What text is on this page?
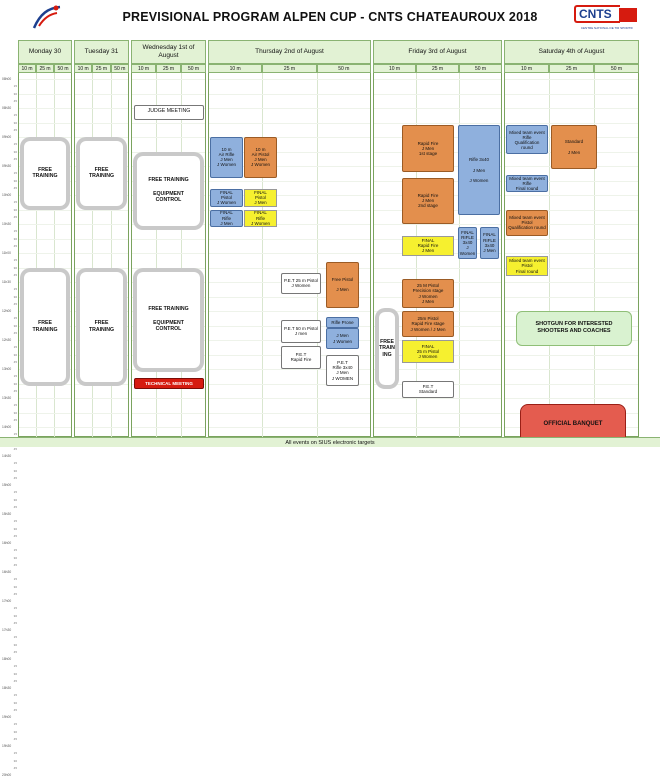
CNTS
CENTRE NATIONAL DE TIR SPORTIF
PREVISIONAL PROGRAM ALPEN CUP - CNTS CHATEAUROUX 2018
08h00
08h30
09h00
09h30
10h00
10h30
11h00
11h30
12h00
12h30
13h00
13h30
14h00
14h30
15h00
15h30
16h00
16h30
17h00
17h30
18h00
18h30
19h00
19h30
20h00
15
30
45
15
30
45
15
30
45
15
30
45
15
30
45
15
30
45
15
30
45
15
30
45
15
30
45
15
30
45
15
30
45
15
30
45
15
45
15
30
45
15
30
45
15
30
45
15
30
45
15
30
45
15
30
45
15
30
45
15
30
45
15
30
45
15
30
45
15
30
45
Monday 30
10 m	25 m	50 m
Tuesday 31
10 m	25 m	50 m
Wednesday 1st of August
10 m	25 m	50 m
Thursday 2nd of August
10 m	25 m	50 m
Friday 3rd of August
10 m	25 m	50 m
Saturday 4th of August
10 m	25 m	50 m
FREE
TRAINING
FREE
TRAINING
FREE
TRAINING
FREE
TRAINING
JUDGE MEETING
FREE TRAINING

EQUIPMENT
CONTROL
FREE TRAINING

EQUIPMENT
CONTROL
TECHNICAL MEETING
10 m
Air Rifle
J Men
J Women
10 m
Air Pistol
J Men
J Women
FINAL
Pistol
J Women
FINAL
Pistol
J Men
FINAL
Rifle
J Men
FINAL
Rifle
J Women
P.E.T 25 m Pistol
J Women
Free Pistol

J Men
P.E.T 50 m Pistol
J men
Rifle Prone
J Men
J Women
P.E.T
Rapid Fire
P.E.T
Rifle 3x40
J Men
J WOMEN
FREE
TRAIN
ING
Rapid Fire
J Men
1st stage
Rifle 3x40

J Men

J Women
Rapid Fire
J Men
2nd stage
FINAL
RIFLE
3x40
J Women
FINAL
RIFLE
3x40
J Men
FINAL
Rapid Fire
J Men
25 M Pistol
Precision stage
J Women
J Men
25m Pistol
Rapid Fire stage
J Women / J Men
FINAL
25 m Pistol
J Women
P.E.T
Standard
Mixed team event
Rifle
Qualification
round
Standard

J Men
Mixed team event
Rifle
Final round
Mixed team event
Pistol
Qualification round
Mixed team event
Pistol
Final round
SHOTGUN FOR INTERESTED
SHOOTERS AND COACHES
OFFICIAL BANQUET
All events on SIUS electronic targets
